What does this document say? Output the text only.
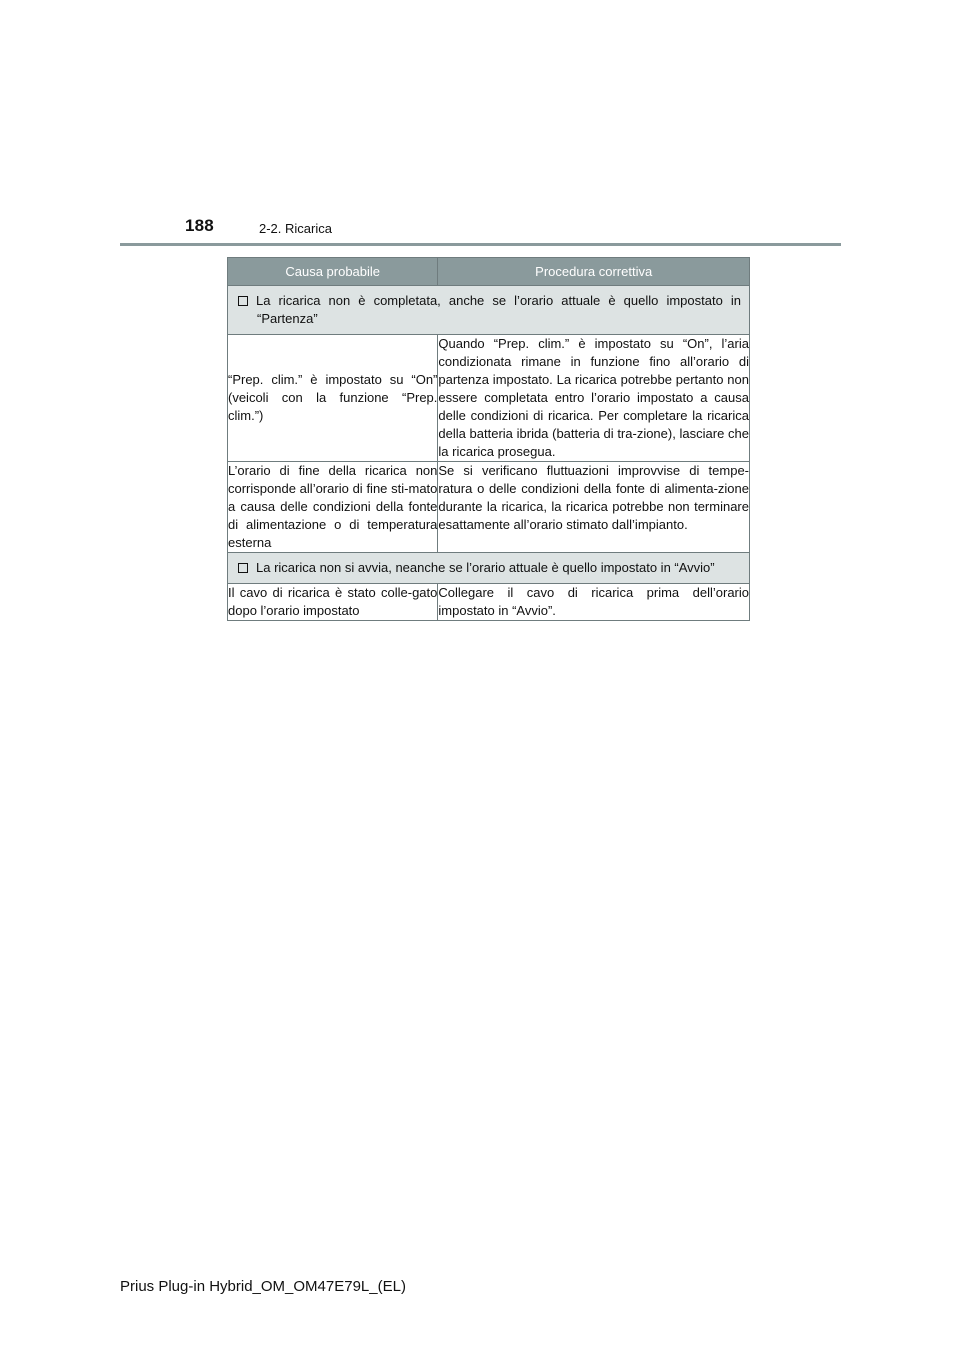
188	2-2. Ricarica
Causa probabile	Procedura correttiva

La ricarica non è completata, anche se l’orario attuale è quello impostato in “Partenza”	

“Prep. clim.” è impostato su “On” (veicoli con la funzione “Prep. clim.”)	Quando “Prep. clim.” è impostato su “On”, l’aria condizionata rimane in funzione fino all’orario di partenza impostato. La ricarica potrebbe pertanto non essere completata entro l’orario impostato a causa delle condizioni di ricarica. Per completare la ricarica della batteria ibrida (batteria di tra-zione), lasciare che la ricarica prosegua.
L’orario di fine della ricarica non corrisponde all’orario di fine sti-mato a causa delle condizioni della fonte di alimentazione o di temperatura esterna	Se si verificano fluttuazioni improvvise di tempe-ratura o delle condizioni della fonte di alimenta-zione durante la ricarica, la ricarica potrebbe non terminare esattamente all’orario stimato dall’impianto.

La ricarica non si avvia, neanche se l’orario attuale è quello impostato in “Avvio”	

Il cavo di ricarica è stato colle-gato dopo l’orario impostato	Collegare il cavo di ricarica prima dell’orario impostato in “Avvio”.
Prius Plug-in Hybrid_OM_OM47E79L_(EL)
